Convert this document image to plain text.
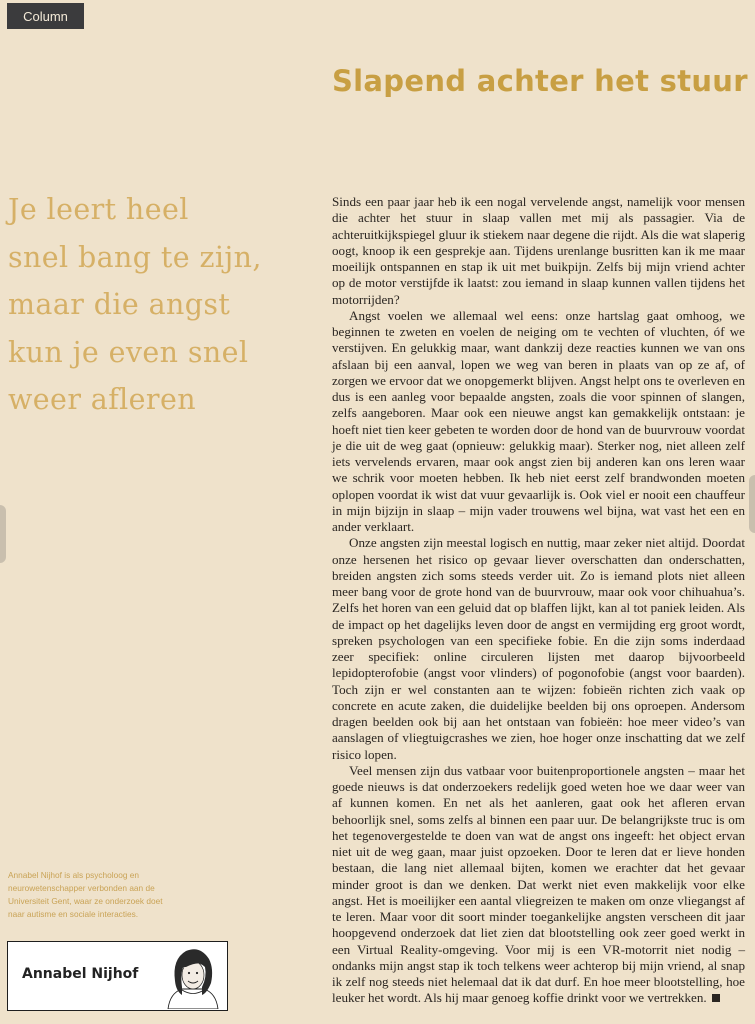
Column
Slapend achter het stuur
Je leert heel
snel bang te zijn,
maar die angst
kun je even snel
weer afleren

Sinds een paar jaar heb ik een nogal vervelende angst, namelijk voor mensen die achter het stuur in slaap vallen met mij als passagier. Via de achteruitkijkspiegel gluur ik stiekem naar degene die rijdt. Als die wat slaperig oogt, knoop ik een gesprekje aan. Tijdens urenlange busritten kan ik me maar moeilijk ontspannen en stap ik uit met buikpijn. Zelfs bij mijn vriend achter op de motor verstijfde ik laatst: zou iemand in slaap kunnen vallen tijdens het motorrijden?

Angst voelen we allemaal wel eens: onze hartslag gaat omhoog, we beginnen te zweten en voelen de neiging om te vechten of vluchten, óf we verstijven. En gelukkig maar, want dankzij deze reacties kunnen we van ons afslaan bij een aanval, lopen we weg van beren in plaats van op ze af, of zorgen we ervoor dat we onopgemerkt blijven. Angst helpt ons te overleven en dus is een aanleg voor bepaalde angsten, zoals die voor spinnen of slangen, zelfs aangeboren. Maar ook een nieuwe angst kan gemakkelijk ontstaan: je hoeft niet tien keer gebeten te worden door de hond van de buurvrouw voordat je die uit de weg gaat (opnieuw: gelukkig maar). Sterker nog, niet alleen zelf iets vervelends ervaren, maar ook angst zien bij anderen kan ons leren waar we schrik voor moeten hebben. Ik heb niet eerst zelf brandwonden moeten oplopen voordat ik wist dat vuur gevaarlijk is. Ook viel er nooit een chauffeur in mijn bijzijn in slaap – mijn vader trouwens wel bijna, wat vast het een en ander verklaart.

Onze angsten zijn meestal logisch en nuttig, maar zeker niet altijd. Doordat onze hersenen het risico op gevaar liever overschatten dan onderschatten, breiden angsten zich soms steeds verder uit. Zo is iemand plots niet alleen meer bang voor de grote hond van de buurvrouw, maar ook voor chihuahua’s. Zelfs het horen van een geluid dat op blaffen lijkt, kan al tot paniek leiden. Als de impact op het dagelijks leven door de angst en vermijding erg groot wordt, spreken psychologen van een specifieke fobie. En die zijn soms inderdaad zeer specifiek: online circuleren lijsten met daarop bijvoorbeeld lepidopterofobie (angst voor vlinders) of pogonofobie (angst voor baarden). Toch zijn er wel constanten aan te wijzen: fobieën richten zich vaak op concrete en acute zaken, die duidelijke beelden bij ons oproepen. Andersom dragen beelden ook bij aan het ontstaan van fobieën: hoe meer video’s van aanslagen of vliegtuigcrashes we zien, hoe hoger onze inschatting dat we zelf risico lopen.

Veel mensen zijn dus vatbaar voor buitenproportionele angsten – maar het goede nieuws is dat onderzoekers redelijk goed weten hoe we daar weer van af kunnen komen. En net als het aanleren, gaat ook het afleren ervan behoorlijk snel, soms zelfs al binnen een paar uur. De belangrijkste truc is om het tegenovergestelde te doen van wat de angst ons ingeeft: het object ervan niet uit de weg gaan, maar juist opzoeken. Door te leren dat er lieve honden bestaan, die lang niet allemaal bijten, komen we erachter dat het gevaar minder groot is dan we denken. Dat werkt niet even makkelijk voor elke angst. Het is moeilijker een aantal vliegreizen te maken om onze vliegangst af te leren. Maar voor dit soort minder toegankelijke angsten verscheen dit jaar hoopgevend onderzoek dat liet zien dat blootstelling ook zeer goed werkt in een Virtual Reality-omgeving. Voor mij is een VR-motorrit niet nodig – ondanks mijn angst stap ik toch telkens weer achterop bij mijn vriend, al snap ik zelf nog steeds niet helemaal dat ik dat durf. En hoe meer blootstelling, hoe leuker het wordt. Als hij maar genoeg koffie drinkt voor we vertrekken.

Annabel Nijhof is als psycholoog en neurowetenschapper verbonden aan de Universiteit Gent, waar ze onderzoek doet naar autisme en sociale interacties.
Annabel Nijhof
